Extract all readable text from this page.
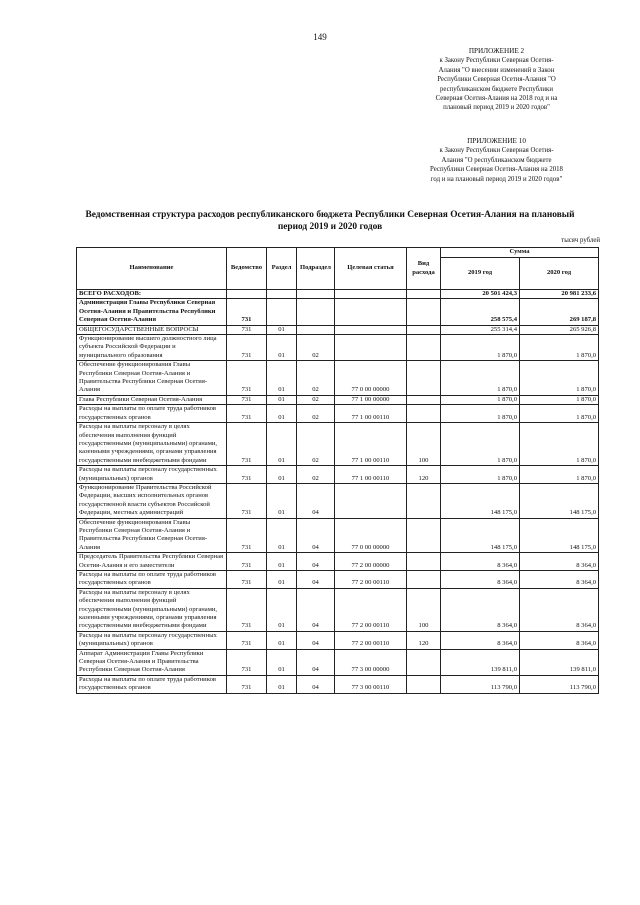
149
ПРИЛОЖЕНИЕ 2
к Закону Республики Северная Осетия-
Алания "О внесении изменений в Закон
Республики Северная Осетия-Алания "О
республиканском бюджете Республики
Северная Осетия-Алания на 2018 год и на
плановый период 2019 и 2020 годов"
ПРИЛОЖЕНИЕ 10
к Закону Республики Северная Осетия-
Алания "О республиканском бюджете
Республики Северная Осетия-Алания на 2018
год и на плановый период 2019 и 2020 годов"
Ведомственная структура расходов республиканского бюджета Республики Северная Осетия-Алания на плановый период 2019 и 2020 годов
тысяч рублей
Наименование	Ведомство	Раздел	Подраздел	Целевая статья	Вид расхода	Сумма	
						2019 год	2020 год
ВСЕГО РАСХОДОВ:						20 501 424,3	20 981 233,6
Администрация Главы Республики Северная Осетия-Алания и Правительства Республики Северная Осетия-Алания	731					258 575,4	269 187,8
ОБЩЕГОСУДАРСТВЕННЫЕ ВОПРОСЫ	731	01				255 314,4	265 926,8
Функционирование высшего должностного лица субъекта Российской Федерации и муниципального образования	731	01	02			1 870,0	1 870,0
Обеспечение функционирования Главы Республики Северная Осетия-Алания и Правительства Республики Северная Осетия-Алания	731	01	02	77 0 00 00000		1 870,0	1 870,0
Глава Республики Северная Осетия-Алания	731	01	02	77 1 00 00000		1 870,0	1 870,0
Расходы на выплаты по оплате труда работников государственных органов	731	01	02	77 1 00 00110		1 870,0	1 870,0
Расходы на выплаты персоналу в целях обеспечения выполнения функций государственными (муниципальными) органами, казенными учреждениями, органами управления государственными внебюджетными фондами	731	01	02	77 1 00 00110	100	1 870,0	1 870,0
Расходы на выплаты персоналу государственных (муниципальных) органов	731	01	02	77 1 00 00110	120	1 870,0	1 870,0
Функционирование Правительства Российской Федерации, высших исполнительных органов государственной власти субъектов Российской Федерации, местных администраций	731	01	04			148 175,0	148 175,0
Обеспечение функционирования Главы Республики Северная Осетия-Алания и Правительства Республики Северная Осетия-Алания	731	01	04	77 0 00 00000		148 175,0	148 175,0
Председатель Правительства Республики Северная Осетия-Алания и его заместители	731	01	04	77 2 00 00000		8 364,0	8 364,0
Расходы на выплаты по оплате труда работников государственных органов	731	01	04	77 2 00 00110		8 364,0	8 364,0
Расходы на выплаты персоналу в целях обеспечения выполнения функций государственными (муниципальными) органами, казенными учреждениями, органами управления государственными внебюджетными фондами	731	01	04	77 2 00 00110	100	8 364,0	8 364,0
Расходы на выплаты персоналу государственных (муниципальных) органов	731	01	04	77 2 00 00110	120	8 364,0	8 364,0
Аппарат Администрации Главы Республики Северная Осетия-Алания и Правительства Республики Северная Осетия-Алания	731	01	04	77 3 00 00000		139 811,0	139 811,0
Расходы на выплаты по оплате труда работников государственных органов	731	01	04	77 3 00 00110		113 790,0	113 790,0
